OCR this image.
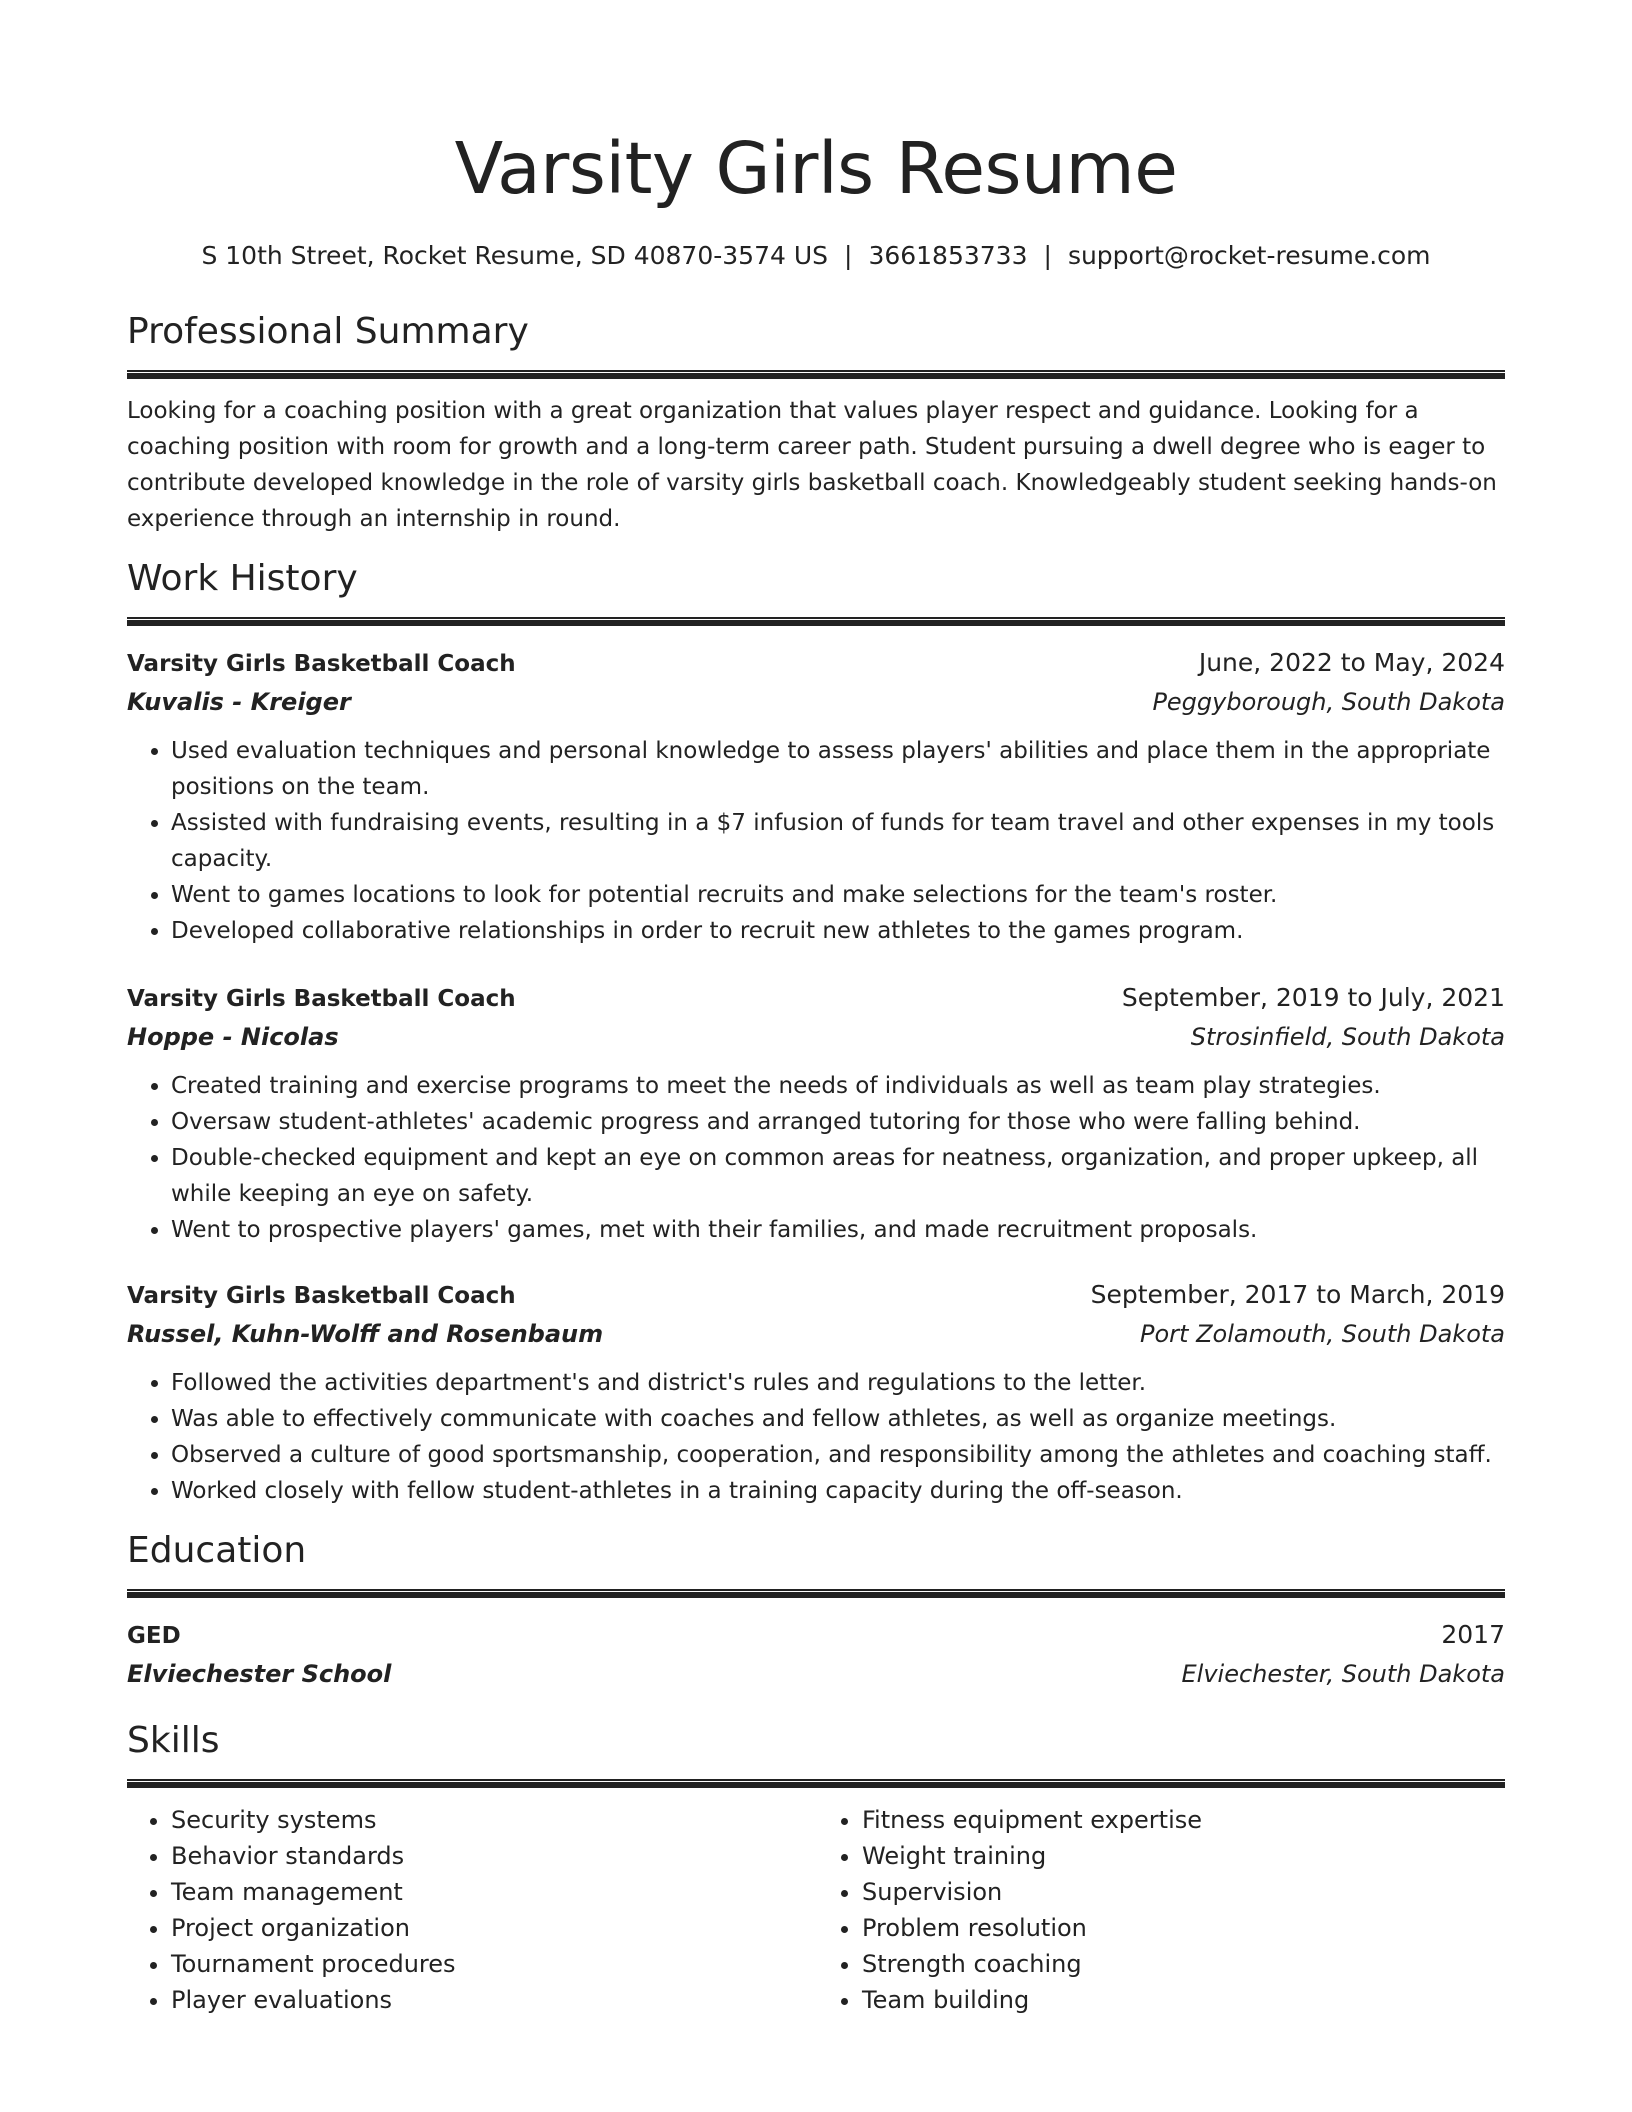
Varsity Girls Resume
S 10th Street, Rocket Resume, SD 40870-3574 US | 3661853733 | support@rocket-resume.com
Professional Summary
Looking for a coaching position with a great organization that values player respect and guidance. Looking for a coaching position with room for growth and a long-term career path. Student pursuing a dwell degree who is eager to contribute developed knowledge in the role of varsity girls basketball coach. Knowledgeably student seeking hands-on experience through an internship in round.
Work History
Varsity Girls Basketball Coach	June, 2022 to May, 2024
Kuvalis - Kreiger	Peggyborough, South Dakota
• Used evaluation techniques and personal knowledge to assess players' abilities and place them in the appropriate positions on the team.
• Assisted with fundraising events, resulting in a $7 infusion of funds for team travel and other expenses in my tools capacity.
• Went to games locations to look for potential recruits and make selections for the team's roster.
• Developed collaborative relationships in order to recruit new athletes to the games program.
Varsity Girls Basketball Coach	September, 2019 to July, 2021
Hoppe - Nicolas	Strosinfield, South Dakota
• Created training and exercise programs to meet the needs of individuals as well as team play strategies.
• Oversaw student-athletes' academic progress and arranged tutoring for those who were falling behind.
• Double-checked equipment and kept an eye on common areas for neatness, organization, and proper upkeep, all while keeping an eye on safety.
• Went to prospective players' games, met with their families, and made recruitment proposals.
Varsity Girls Basketball Coach	September, 2017 to March, 2019
Russel, Kuhn-Wolff and Rosenbaum	Port Zolamouth, South Dakota
• Followed the activities department's and district's rules and regulations to the letter.
• Was able to effectively communicate with coaches and fellow athletes, as well as organize meetings.
• Observed a culture of good sportsmanship, cooperation, and responsibility among the athletes and coaching staff.
• Worked closely with fellow student-athletes in a training capacity during the off-season.
Education
GED	2017
Elviechester School	Elviechester, South Dakota
Skills
• Security systems
• Behavior standards
• Team management
• Project organization
• Tournament procedures
• Player evaluations
• Fitness equipment expertise
• Weight training
• Supervision
• Problem resolution
• Strength coaching
• Team building
